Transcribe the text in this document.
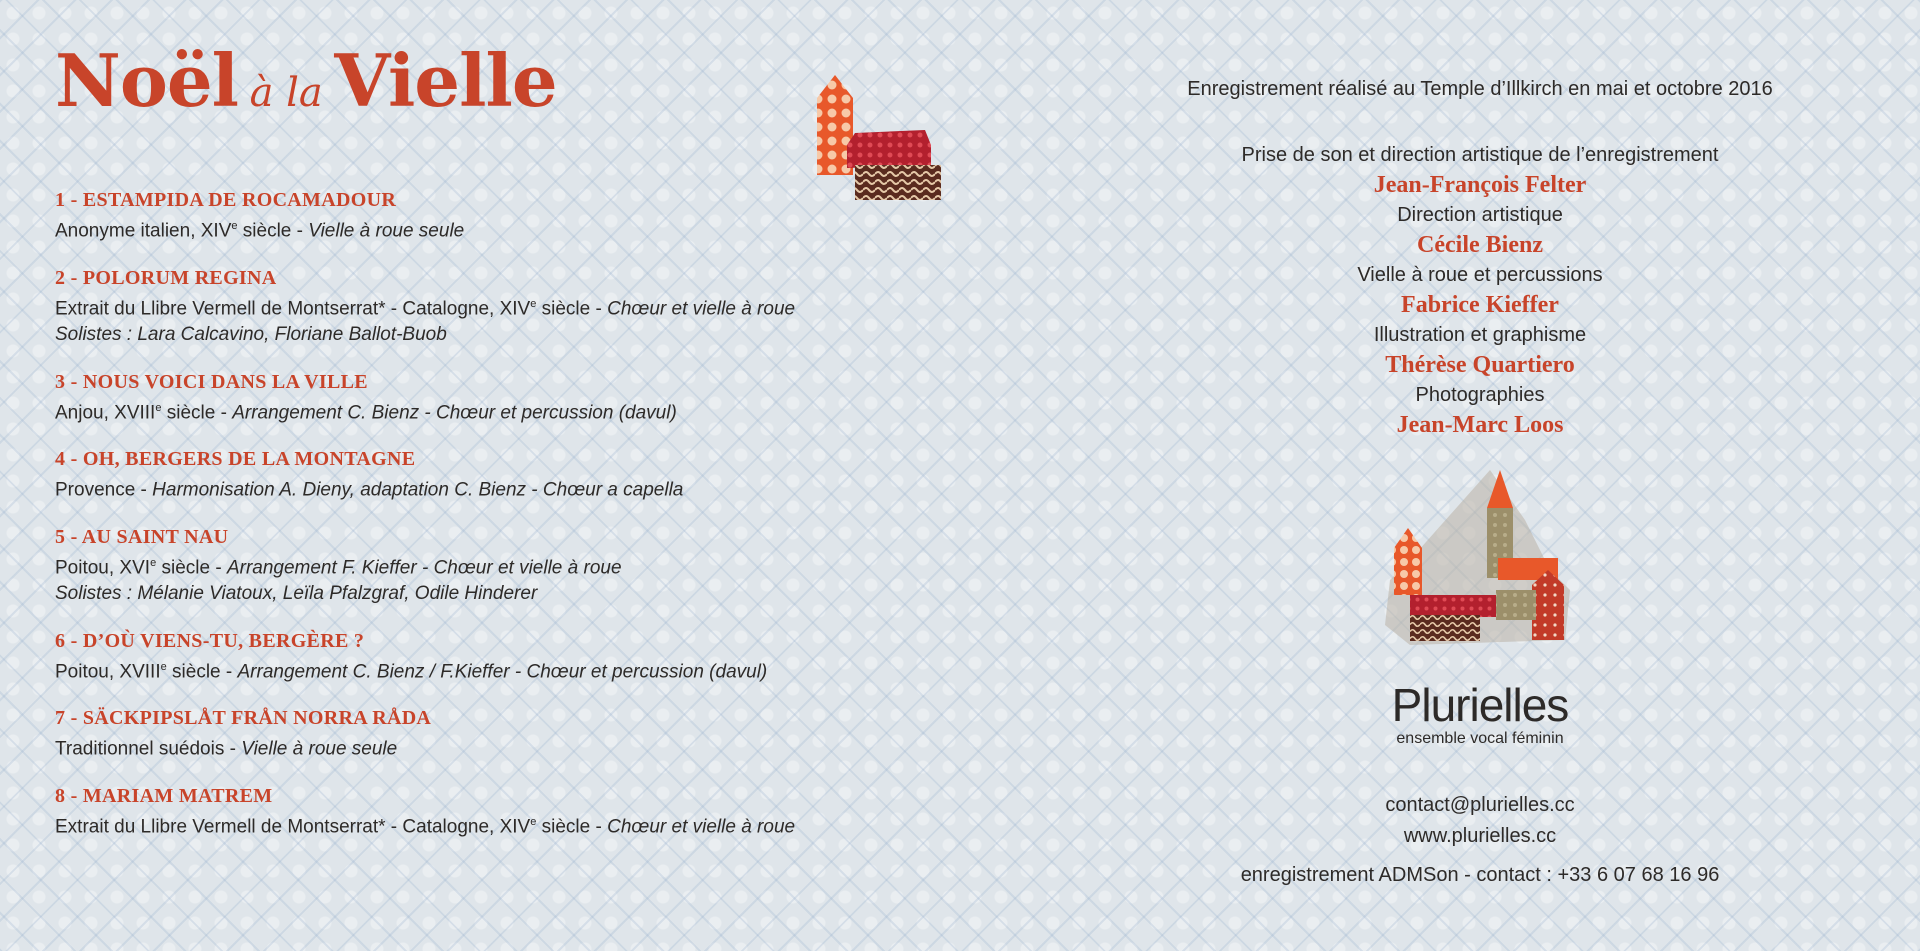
Noël à la Vielle
1 - ESTAMPIDA DE ROCAMADOUR
Anonyme italien, XIVe siècle - Vielle à roue seule
2 - POLORUM REGINA
Extrait du Llibre Vermell de Montserrat* - Catalogne, XIVe siècle - Chœur et vielle à roue
Solistes : Lara Calcavino, Floriane Ballot-Buob
3 - NOUS VOICI DANS LA VILLE
Anjou, XVIIIe siècle - Arrangement C. Bienz - Chœur et percussion (davul)
4 - OH, BERGERS DE LA MONTAGNE
Provence - Harmonisation A. Dieny, adaptation C. Bienz - Chœur a capella
5 - AU SAINT NAU
Poitou, XVIe siècle - Arrangement F. Kieffer - Chœur et vielle à roue
Solistes : Mélanie Viatoux, Leïla Pfalzgraf, Odile Hinderer
6 - D’OÙ VIENS-TU, BERGÈRE ?
Poitou, XVIIIe siècle - Arrangement C. Bienz / F.Kieffer - Chœur et percussion (davul)
7 - SÄCKPIPSLÅT FRÅN NORRA RÅDA
Traditionnel suédois - Vielle à roue seule
8 - MARIAM MATREM
Extrait du Llibre Vermell de Montserrat* - Catalogne, XIVe siècle - Chœur et vielle à roue
Enregistrement réalisé au Temple d’Illkirch en mai et octobre 2016
Prise de son et direction artistique de l’enregistrement
Jean-François Felter
Direction artistique
Cécile Bienz
Vielle à roue et percussions
Fabrice Kieffer
Illustration et graphisme
Thérèse Quartiero
Photographies
Jean-Marc Loos
Plurielles
ensemble vocal féminin
contact@plurielles.cc
www.plurielles.cc
enregistrement ADMSon - contact : +33 6 07 68 16 96
